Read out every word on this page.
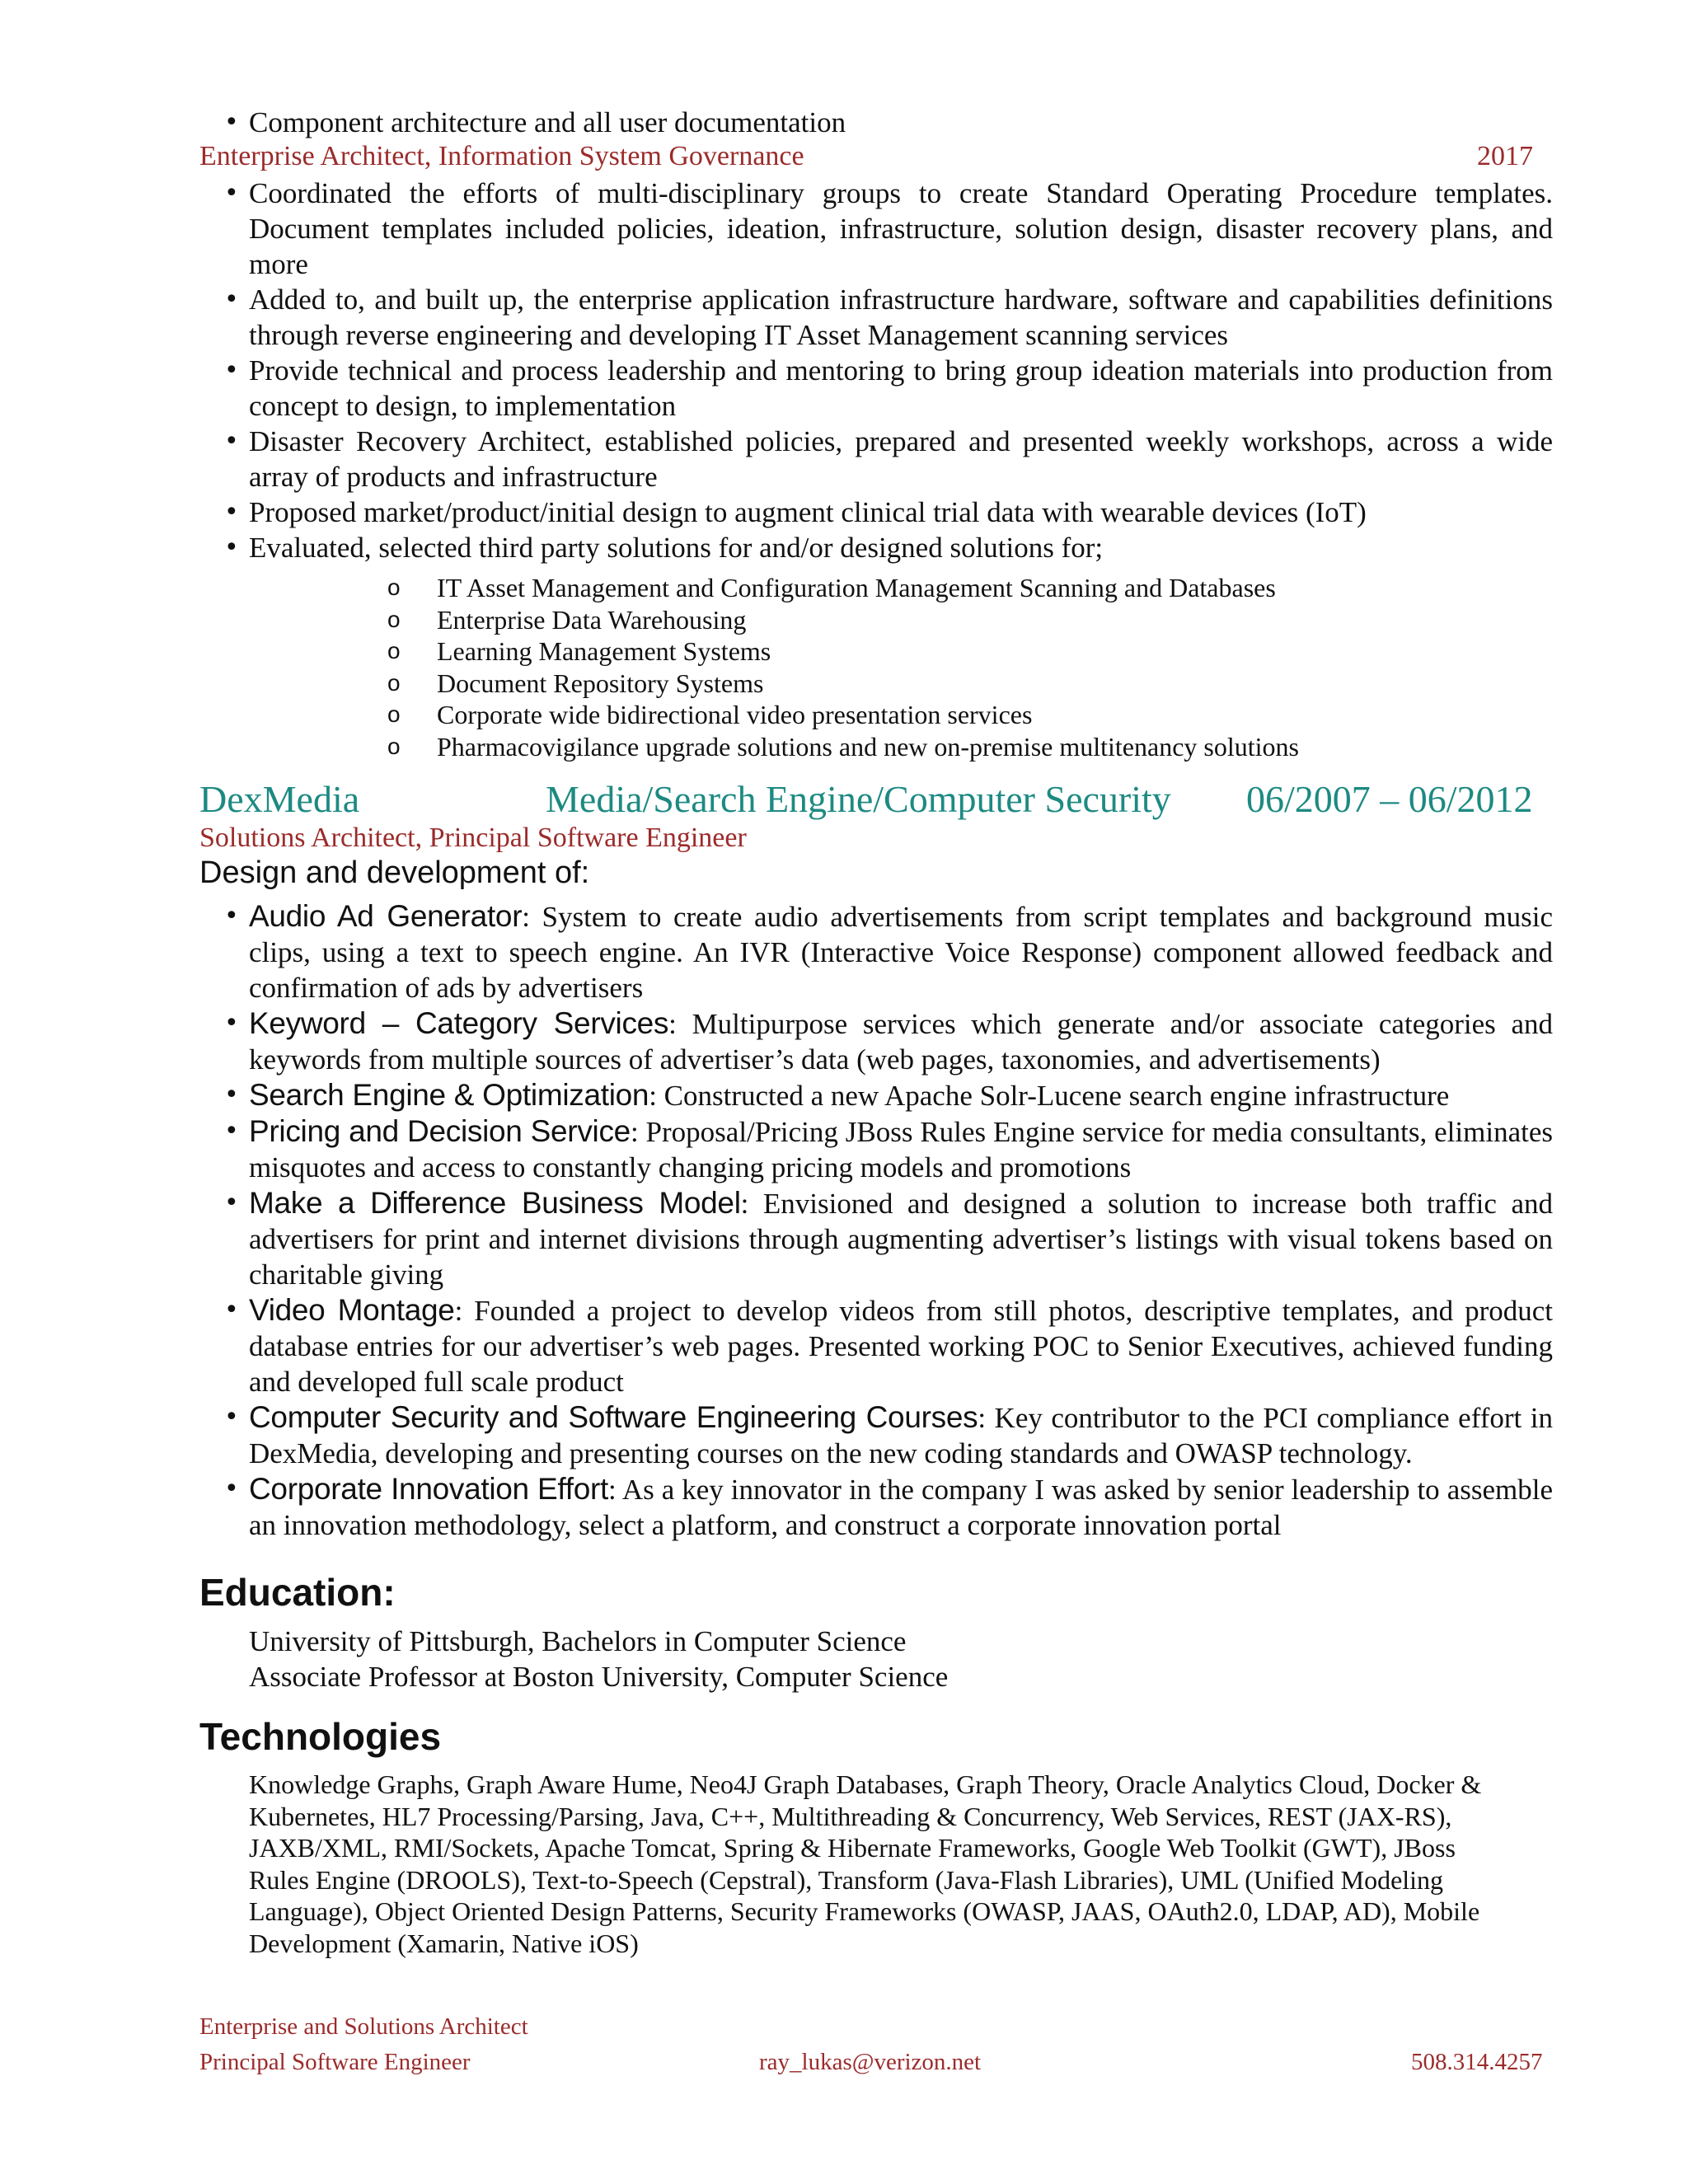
• Component architecture and all user documentation
Enterprise Architect, Information System Governance	2017
• Coordinated the efforts of multi-disciplinary groups to create Standard Operating Procedure templates. Document templates included policies, ideation, infrastructure, solution design, disaster recovery plans, and more
• Added to, and built up, the enterprise application infrastructure hardware, software and capabilities definitions through reverse engineering and developing IT Asset Management scanning services
• Provide technical and process leadership and mentoring to bring group ideation materials into production from concept to design, to implementation
• Disaster Recovery Architect, established policies, prepared and presented weekly workshops, across a wide array of products and infrastructure
• Proposed market/product/initial design to augment clinical trial data with wearable devices (IoT)
• Evaluated, selected third party solutions for and/or designed solutions for;
o IT Asset Management and Configuration Management Scanning and Databases
o Enterprise Data Warehousing
o Learning Management Systems
o Document Repository Systems
o Corporate wide bidirectional video presentation services
o Pharmacovigilance upgrade solutions and new on-premise multitenancy solutions
DexMedia	Media/Search Engine/Computer Security 06/2007 – 06/2012
Solutions Architect, Principal Software Engineer
Design and development of:
• Audio Ad Generator: System to create audio advertisements from script templates and background music clips, using a text to speech engine. An IVR (Interactive Voice Response) component allowed feedback and confirmation of ads by advertisers
• Keyword – Category Services: Multipurpose services which generate and/or associate categories and keywords from multiple sources of advertiser’s data (web pages, taxonomies, and advertisements)
• Search Engine & Optimization: Constructed a new Apache Solr-Lucene search engine infrastructure
• Pricing and Decision Service: Proposal/Pricing JBoss Rules Engine service for media consultants, eliminates misquotes and access to constantly changing pricing models and promotions
• Make a Difference Business Model: Envisioned and designed a solution to increase both traffic and advertisers for print and internet divisions through augmenting advertiser’s listings with visual tokens based on charitable giving
• Video Montage: Founded a project to develop videos from still photos, descriptive templates, and product database entries for our advertiser’s web pages. Presented working POC to Senior Executives, achieved funding and developed full scale product
• Computer Security and Software Engineering Courses: Key contributor to the PCI compliance effort in DexMedia, developing and presenting courses on the new coding standards and OWASP technology.
• Corporate Innovation Effort: As a key innovator in the company I was asked by senior leadership to assemble an innovation methodology, select a platform, and construct a corporate innovation portal
Education:
University of Pittsburgh, Bachelors in Computer Science
Associate Professor at Boston University, Computer Science
Technologies
Knowledge Graphs, Graph Aware Hume, Neo4J Graph Databases, Graph Theory, Oracle Analytics Cloud, Docker &
Kubernetes, HL7 Processing/Parsing, Java, C++, Multithreading & Concurrency, Web Services, REST (JAX-RS),
JAXB/XML, RMI/Sockets, Apache Tomcat, Spring & Hibernate Frameworks, Google Web Toolkit (GWT), JBoss
Rules Engine (DROOLS), Text-to-Speech (Cepstral), Transform (Java-Flash Libraries), UML (Unified Modeling
Language), Object Oriented Design Patterns, Security Frameworks (OWASP, JAAS, OAuth2.0, LDAP, AD), Mobile
Development (Xamarin, Native iOS)
Enterprise and Solutions Architect
Principal Software Engineer	ray_lukas@verizon.net	508.314.4257
